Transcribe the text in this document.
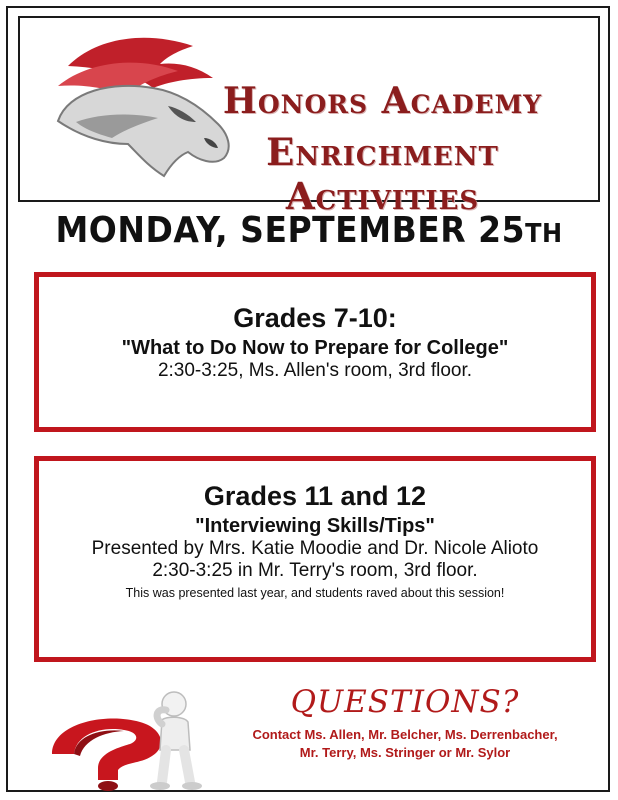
Honors Academy
Enrichment Activities
MONDAY, SEPTEMBER 25TH
Grades 7-10:
"What to Do Now to Prepare for College"
2:30-3:25, Ms. Allen's room, 3rd floor.
Grades 11 and 12
"Interviewing Skills/Tips"
Presented by Mrs. Katie Moodie and Dr. Nicole Alioto
2:30-3:25 in Mr. Terry's room, 3rd floor.
This was presented last year, and students raved about this session!
QUESTIONS?
Contact Ms. Allen, Mr. Belcher, Ms. Derrenbacher,
Mr. Terry, Ms. Stringer or Mr. Sylor
